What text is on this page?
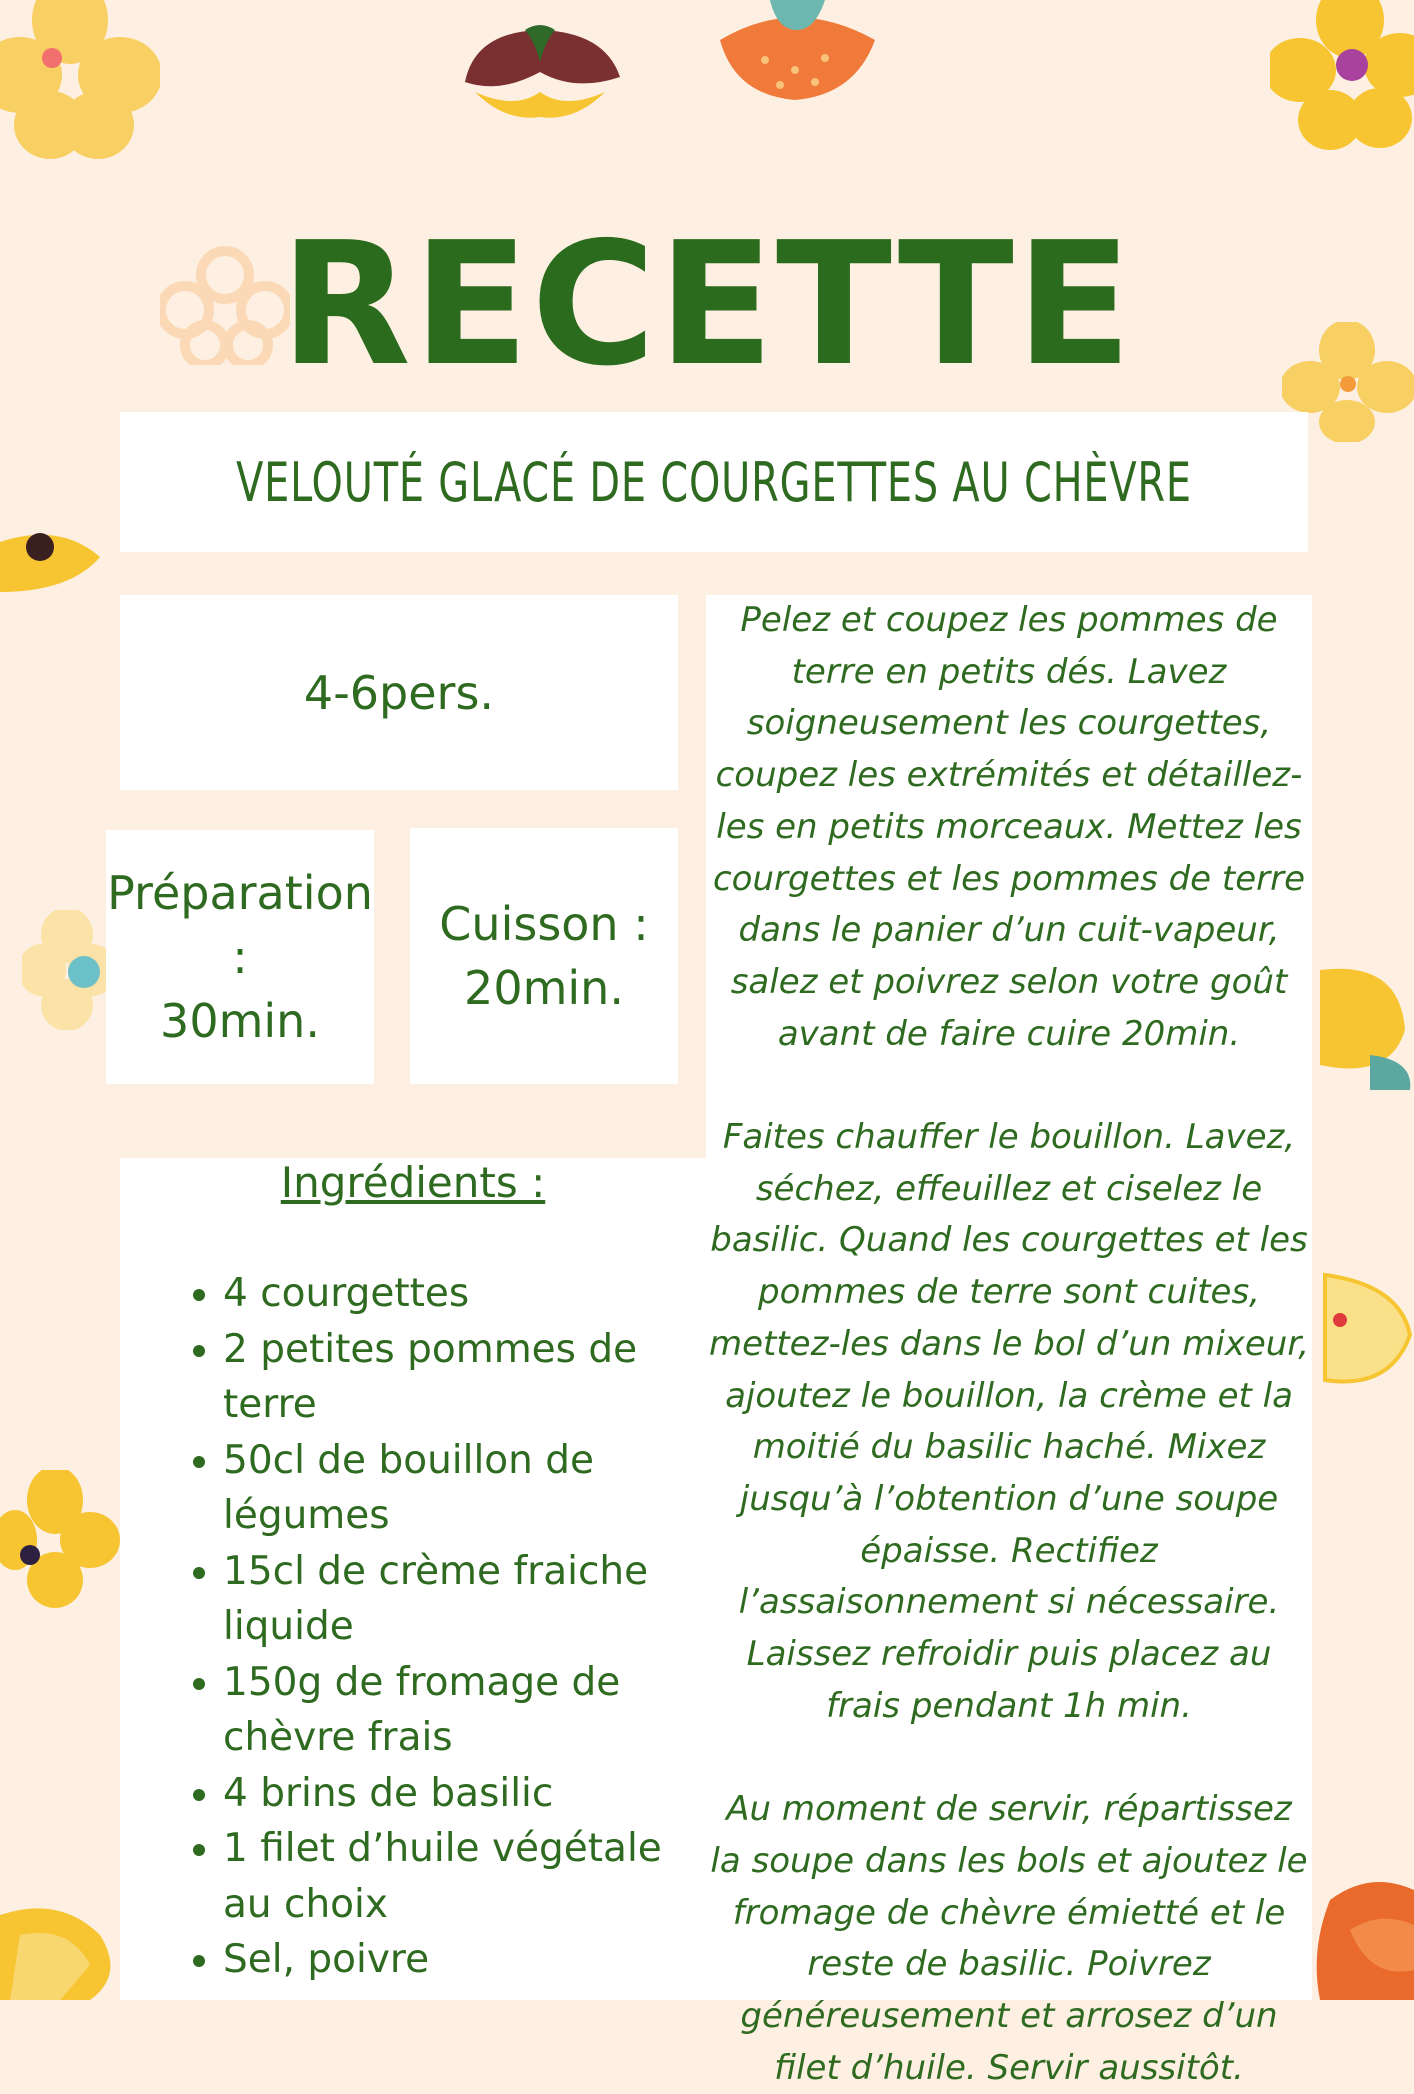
RECETTE
VELOUTÉ GLACÉ DE COURGETTES AU CHÈVRE
4-6pers.
Préparation :
30min.
Cuisson :
20min.

Pelez et coupez les pommes de terre en petits dés. Lavez soigneusement les courgettes, coupez les extrémités et détaillez-les en petits morceaux. Mettez les courgettes et les pommes de terre dans le panier d’un cuit-vapeur, salez et poivrez selon votre goût avant de faire cuire 20min.

Faites chauffer le bouillon. Lavez, séchez, effeuillez et ciselez le basilic. Quand les courgettes et les pommes de terre sont cuites, mettez-les dans le bol d’un mixeur, ajoutez le bouillon, la crème et la moitié du basilic haché. Mixez jusqu’à l’obtention d’une soupe épaisse. Rectifiez l’assaisonnement si nécessaire. Laissez refroidir puis placez au frais pendant 1h min.

Au moment de servir, répartissez la soupe dans les bols et ajoutez le fromage de chèvre émietté et le reste de basilic. Poivrez généreusement et arrosez d’un filet d’huile. Servir aussitôt.

Ingrédients :
• 4 courgettes
• 2 petites pommes de terre
• 50cl de bouillon de légumes
• 15cl de crème fraiche liquide
• 150g de fromage de chèvre frais
• 4 brins de basilic
• 1 filet d’huile végétale au choix
• Sel, poivre
